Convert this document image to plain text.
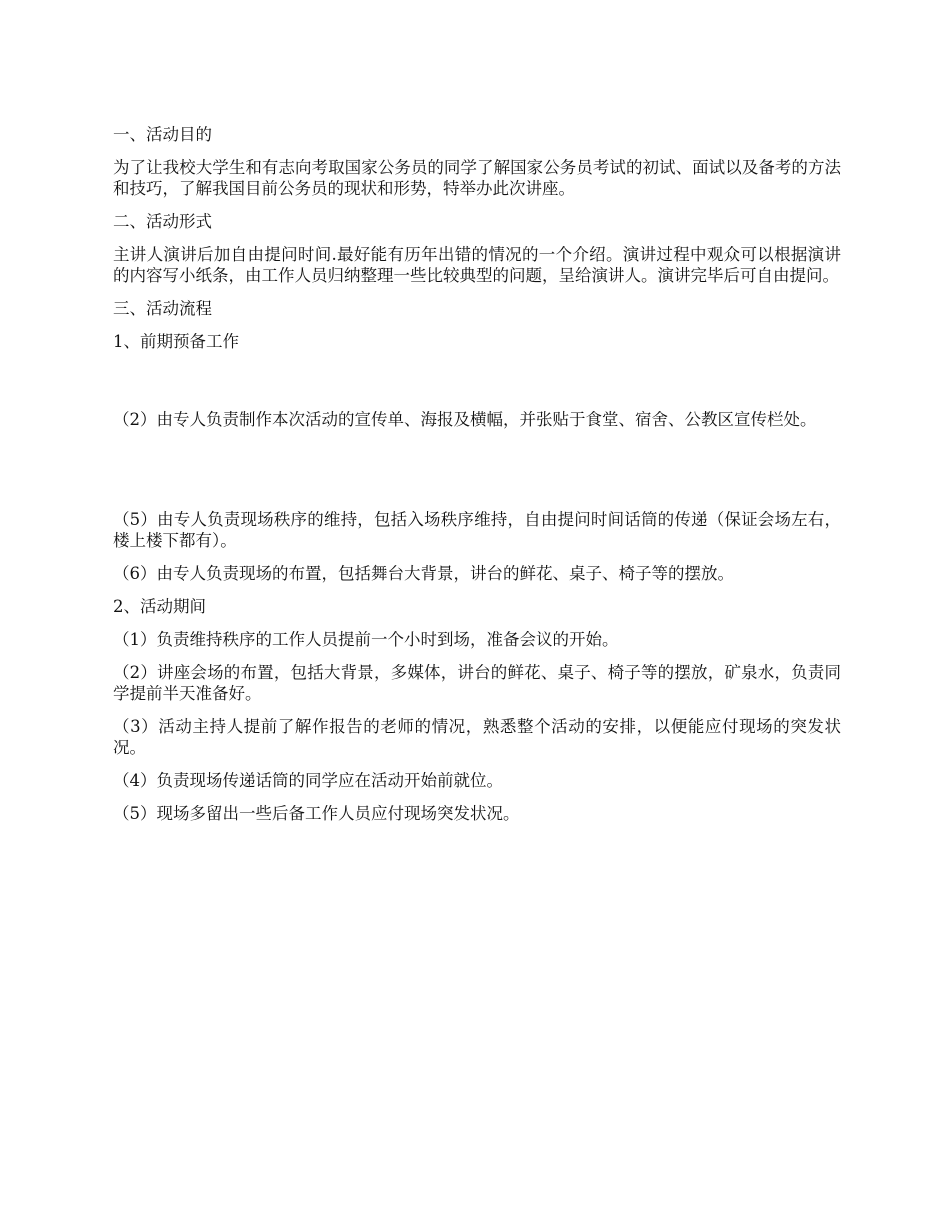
一、活动目的

为了让我校大学生和有志向考取国家公务员的同学了解国家公务员考试的初试、面试以及备考的方法和技巧，了解我国目前公务员的现状和形势，特举办此次讲座。

二、活动形式

主讲人演讲后加自由提问时间.最好能有历年出错的情况的一个介绍。演讲过程中观众可以根据演讲的内容写小纸条，由工作人员归纳整理一些比较典型的问题，呈给演讲人。演讲完毕后可自由提问。

三、活动流程

1、前期预备工作

（2）由专人负责制作本次活动的宣传单、海报及横幅，并张贴于食堂、宿舍、公教区宣传栏处。

（5）由专人负责现场秩序的维持，包括入场秩序维持，自由提问时间话筒的传递（保证会场左右，楼上楼下都有）。

（6）由专人负责现场的布置，包括舞台大背景，讲台的鲜花、桌子、椅子等的摆放。

2、活动期间

（1）负责维持秩序的工作人员提前一个小时到场，准备会议的开始。

（2）讲座会场的布置，包括大背景，多媒体，讲台的鲜花、桌子、椅子等的摆放，矿泉水，负责同学提前半天准备好。

（3）活动主持人提前了解作报告的老师的情况，熟悉整个活动的安排，以便能应付现场的突发状况。

（4）负责现场传递话筒的同学应在活动开始前就位。

（5）现场多留出一些后备工作人员应付现场突发状况。
